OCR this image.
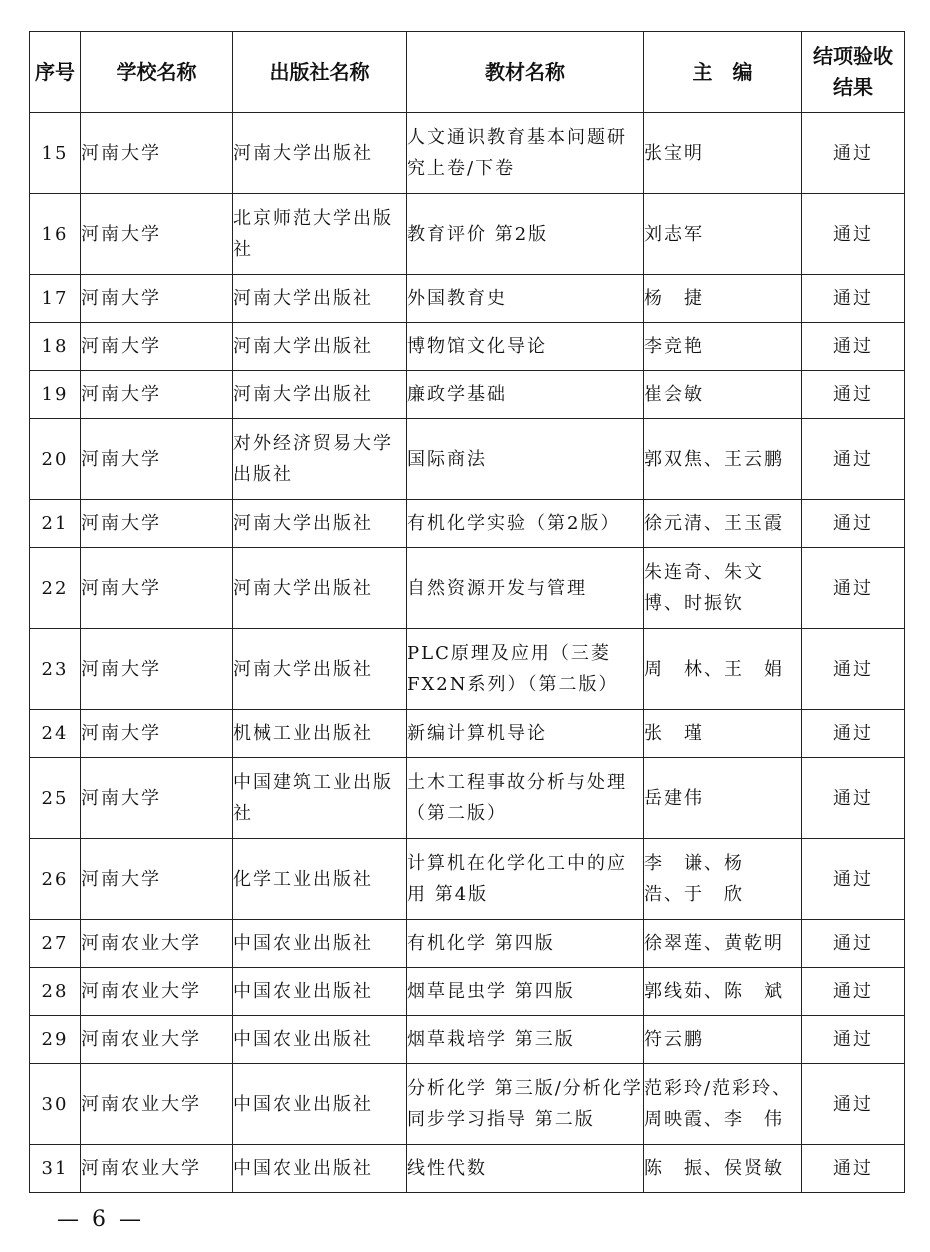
序号	学校名称	出版社名称	教材名称	主　编	结项验收结果
15	河南大学	河南大学出版社	人文通识教育基本问题研究上卷/下卷	张宝明	通过
16	河南大学	北京师范大学出版社	教育评价 第2版	刘志军	通过
17	河南大学	河南大学出版社	外国教育史	杨　捷	通过
18	河南大学	河南大学出版社	博物馆文化导论	李竞艳	通过
19	河南大学	河南大学出版社	廉政学基础	崔会敏	通过
20	河南大学	对外经济贸易大学出版社	国际商法	郭双焦、王云鹏	通过
21	河南大学	河南大学出版社	有机化学实验（第2版）	徐元清、王玉霞	通过
22	河南大学	河南大学出版社	自然资源开发与管理	朱连奇、朱文博、时振钦	通过
23	河南大学	河南大学出版社	PLC原理及应用（三菱FX2N系列）（第二版）	周　林、王　娟	通过
24	河南大学	机械工业出版社	新编计算机导论	张　瑾	通过
25	河南大学	中国建筑工业出版社	土木工程事故分析与处理（第二版）	岳建伟	通过
26	河南大学	化学工业出版社	计算机在化学化工中的应用 第4版	李　谦、杨　浩、于　欣	通过
27	河南农业大学	中国农业出版社	有机化学 第四版	徐翠莲、黄乾明	通过
28	河南农业大学	中国农业出版社	烟草昆虫学 第四版	郭线茹、陈　斌	通过
29	河南农业大学	中国农业出版社	烟草栽培学 第三版	符云鹏	通过
30	河南农业大学	中国农业出版社	分析化学 第三版/分析化学同步学习指导 第二版	范彩玲/范彩玲、周映霞、李　伟	通过
31	河南农业大学	中国农业出版社	线性代数	陈　振、侯贤敏	通过
— 6 —
